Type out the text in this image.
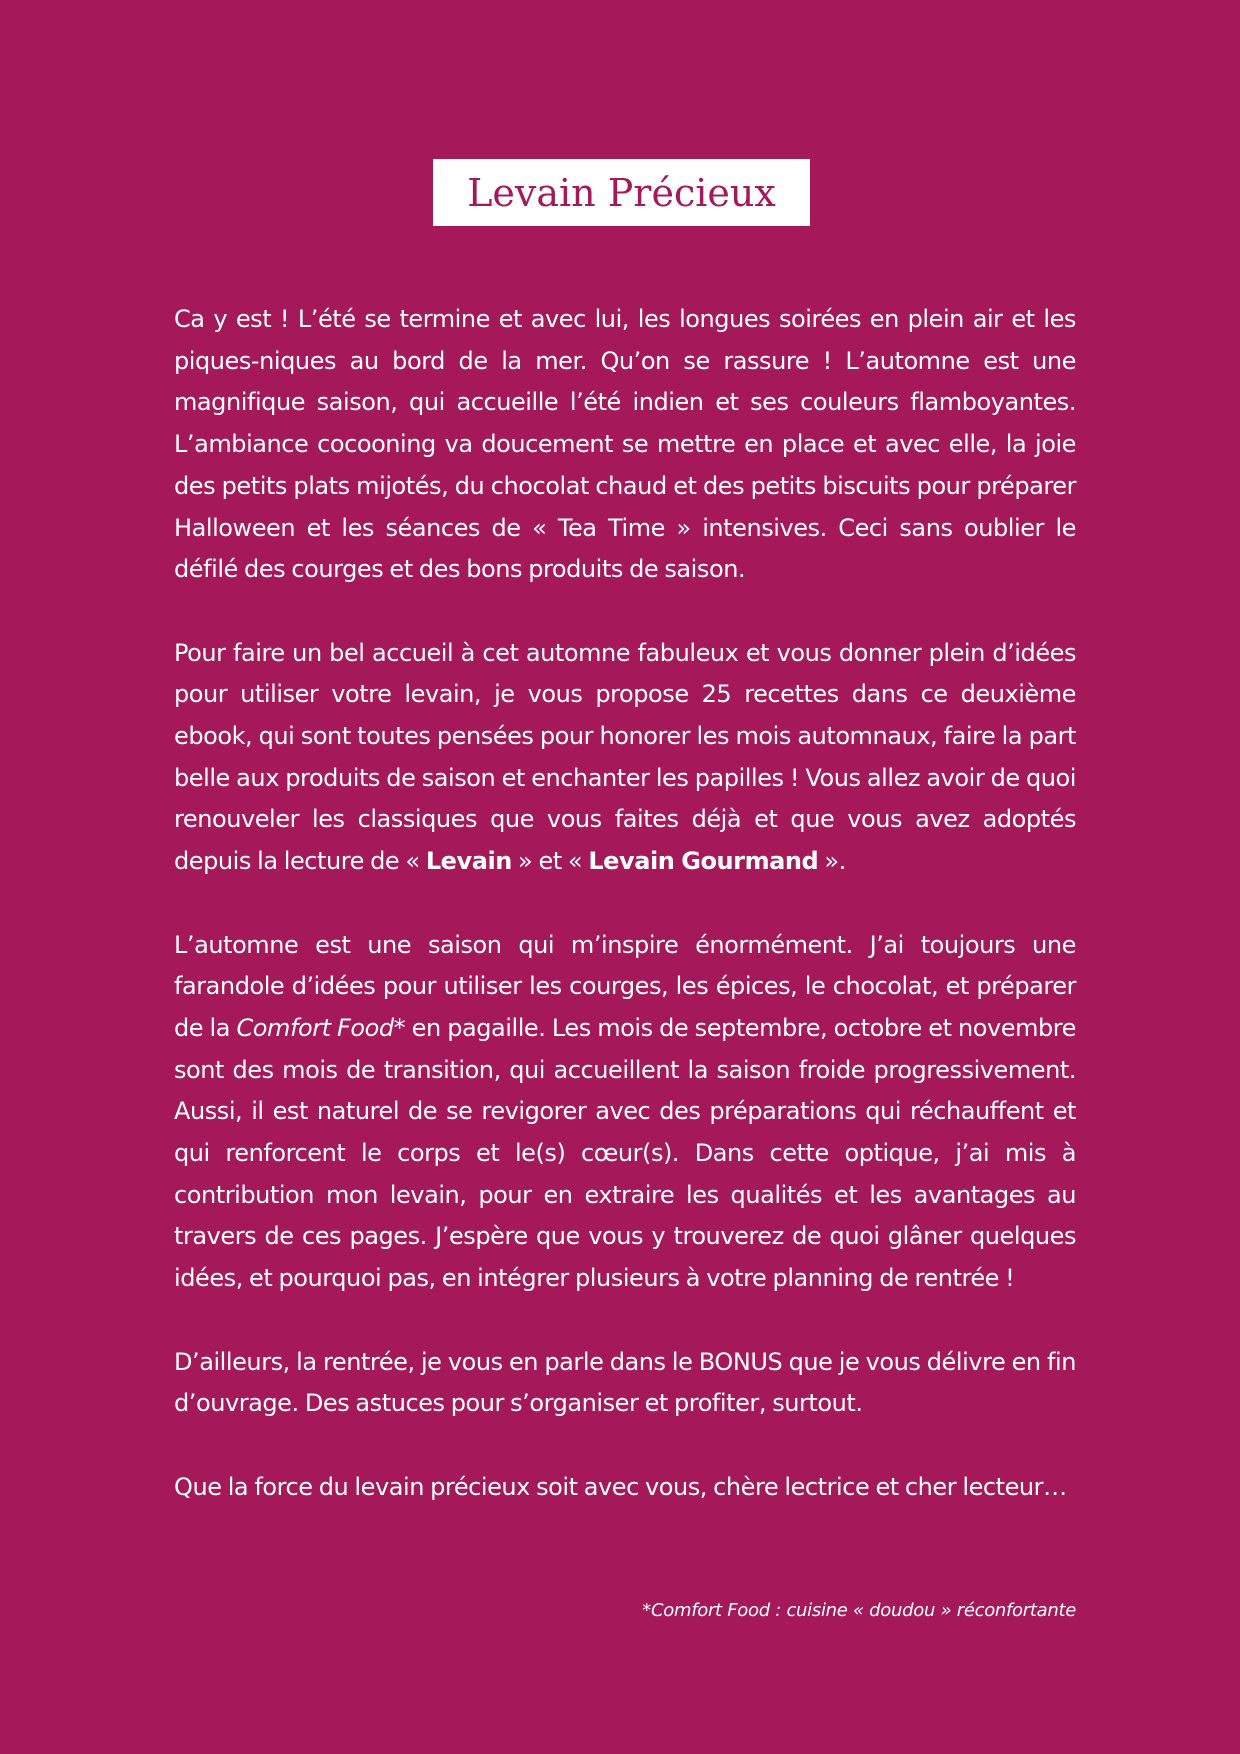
Levain Précieux

Ca y est ! L’été se termine et avec lui, les longues soirées en plein air et les piques-niques au bord de la mer. Qu’on se rassure ! L’automne est une magnifique saison, qui accueille l’été indien et ses couleurs flamboyantes. L’ambiance cocooning va doucement se mettre en place et avec elle, la joie des petits plats mijotés, du chocolat chaud et des petits biscuits pour préparer Halloween et les séances de « Tea Time » intensives. Ceci sans oublier le défilé des courges et des bons produits de saison.

Pour faire un bel accueil à cet automne fabuleux et vous donner plein d’idées pour utiliser votre levain, je vous propose 25 recettes dans ce deuxième ebook, qui sont toutes pensées pour honorer les mois automnaux, faire la part belle aux produits de saison et enchanter les papilles ! Vous allez avoir de quoi renouveler les classiques que vous faites déjà et que vous avez adoptés depuis la lecture de « Levain » et « Levain Gourmand ».

L’automne est une saison qui m’inspire énormément. J’ai toujours une farandole d’idées pour utiliser les courges, les épices, le chocolat, et préparer de la Comfort Food* en pagaille. Les mois de septembre, octobre et novembre sont des mois de transition, qui accueillent la saison froide progressivement. Aussi, il est naturel de se revigorer avec des préparations qui réchauffent et qui renforcent le corps et le(s) cœur(s). Dans cette optique, j’ai mis à contribution mon levain, pour en extraire les qualités et les avantages au travers de ces pages. J’espère que vous y trouverez de quoi glâner quelques idées, et pourquoi pas, en intégrer plusieurs à votre planning de rentrée !

D’ailleurs, la rentrée, je vous en parle dans le BONUS que je vous délivre en fin d’ouvrage. Des astuces pour s’organiser et profiter, surtout.

Que la force du levain précieux soit avec vous, chère lectrice et cher lecteur…

*Comfort Food : cuisine « doudou » réconfortante
